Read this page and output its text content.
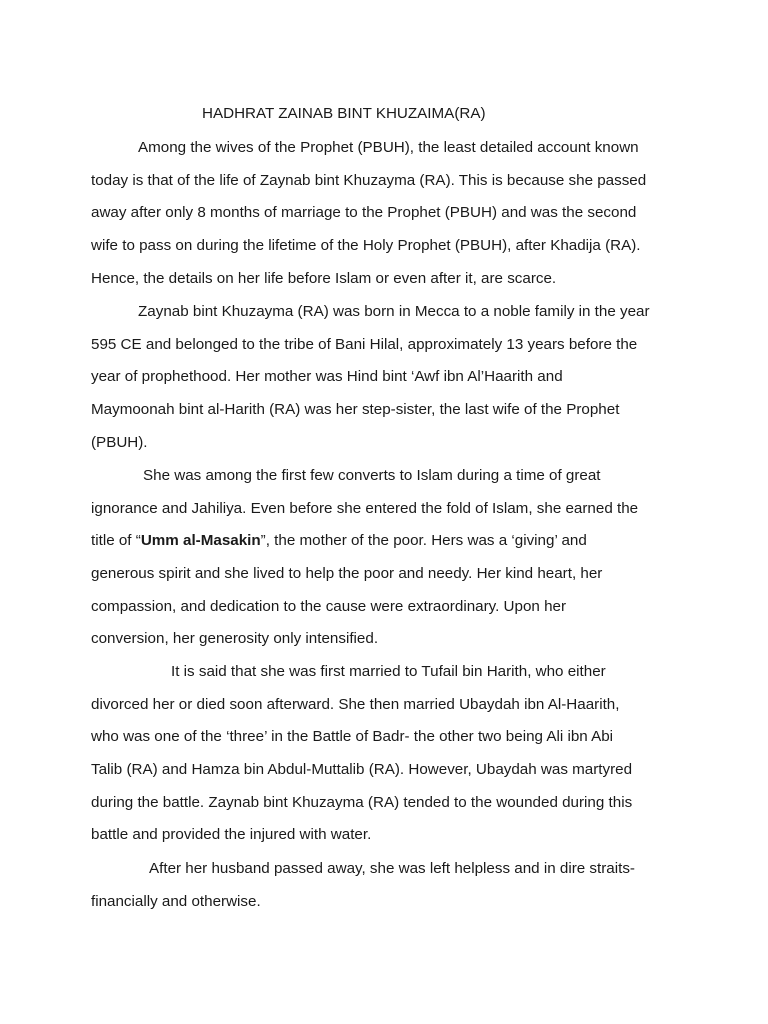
HADHRAT ZAINAB BINT KHUZAIMA(RA)
Among the wives of the Prophet (PBUH), the least detailed account known
today is that of the life of Zaynab bint Khuzayma (RA). This is because she passed
away after only 8 months of marriage to the Prophet (PBUH) and was the second
wife to pass on during the lifetime of the Holy Prophet (PBUH), after Khadija (RA).
Hence, the details on her life before Islam or even after it, are scarce.
Zaynab bint Khuzayma (RA) was born in Mecca to a noble family in the year
595 CE and belonged to the tribe of Bani Hilal, approximately 13 years before the
year of prophethood. Her mother was Hind bint ‘Awf ibn Al’Haarith and
Maymoonah bint al-Harith (RA) was her step-sister, the last wife of the Prophet
(PBUH).
She was among the first few converts to Islam during a time of great
ignorance and Jahiliya. Even before she entered the fold of Islam, she earned the
title of “Umm al-Masakin”, the mother of the poor. Hers was a ‘giving’ and
generous spirit and she lived to help the poor and needy. Her kind heart, her
compassion, and dedication to the cause were extraordinary. Upon her
conversion, her generosity only intensified.
It is said that she was first married to Tufail bin Harith, who either
divorced her or died soon afterward. She then married Ubaydah ibn Al-Haarith,
who was one of the ‘three’ in the Battle of Badr- the other two being Ali ibn Abi
Talib (RA) and Hamza bin Abdul-Muttalib (RA). However, Ubaydah was martyred
during the battle. Zaynab bint Khuzayma (RA) tended to the wounded during this
battle and provided the injured with water.
After her husband passed away, she was left helpless and in dire straits-
financially and otherwise.
